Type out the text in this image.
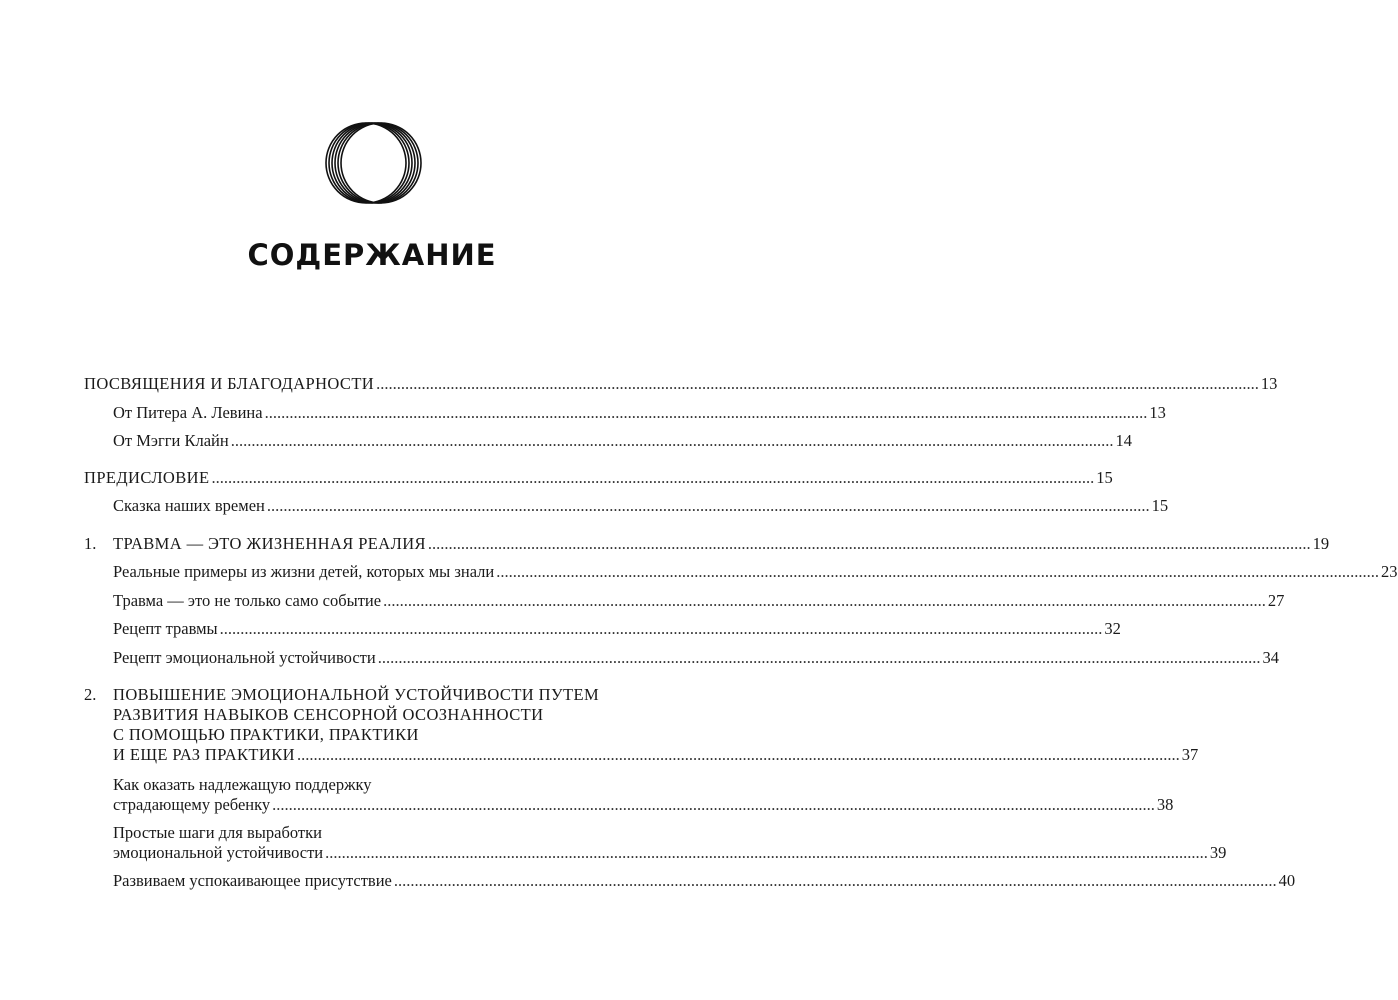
СОДЕРЖАНИЕ
ПОСВЯЩЕНИЯ И БЛАГОДАРНОСТИ .....	13
От Питера А. Левина .....	13
От Мэгги Клайн .....	14
ПРЕДИСЛОВИЕ .....	15
Сказка наших времен .....	15
1.	ТРАВМА — ЭТО ЖИЗНЕННАЯ РЕАЛИЯ .....	19
Реальные примеры из жизни детей, которых мы знали .....	23
Травма — это не только само событие .....	27
Рецепт травмы .....	32
Рецепт эмоциональной устойчивости .....	34
2.	ПОВЫШЕНИЕ ЭМОЦИОНАЛЬНОЙ УСТОЙЧИВОСТИ ПУТЕМ
РАЗВИТИЯ НАВЫКОВ СЕНСОРНОЙ ОСОЗНАННОСТИ
С ПОМОЩЬЮ ПРАКТИКИ, ПРАКТИКИ
И ЕЩЕ РАЗ ПРАКТИКИ .....	37
Как оказать надлежащую поддержку
страдающему ребенку .....	38
Простые шаги для выработки
эмоциональной устойчивости .....	39
Развиваем успокаивающее присутствие .....	40
